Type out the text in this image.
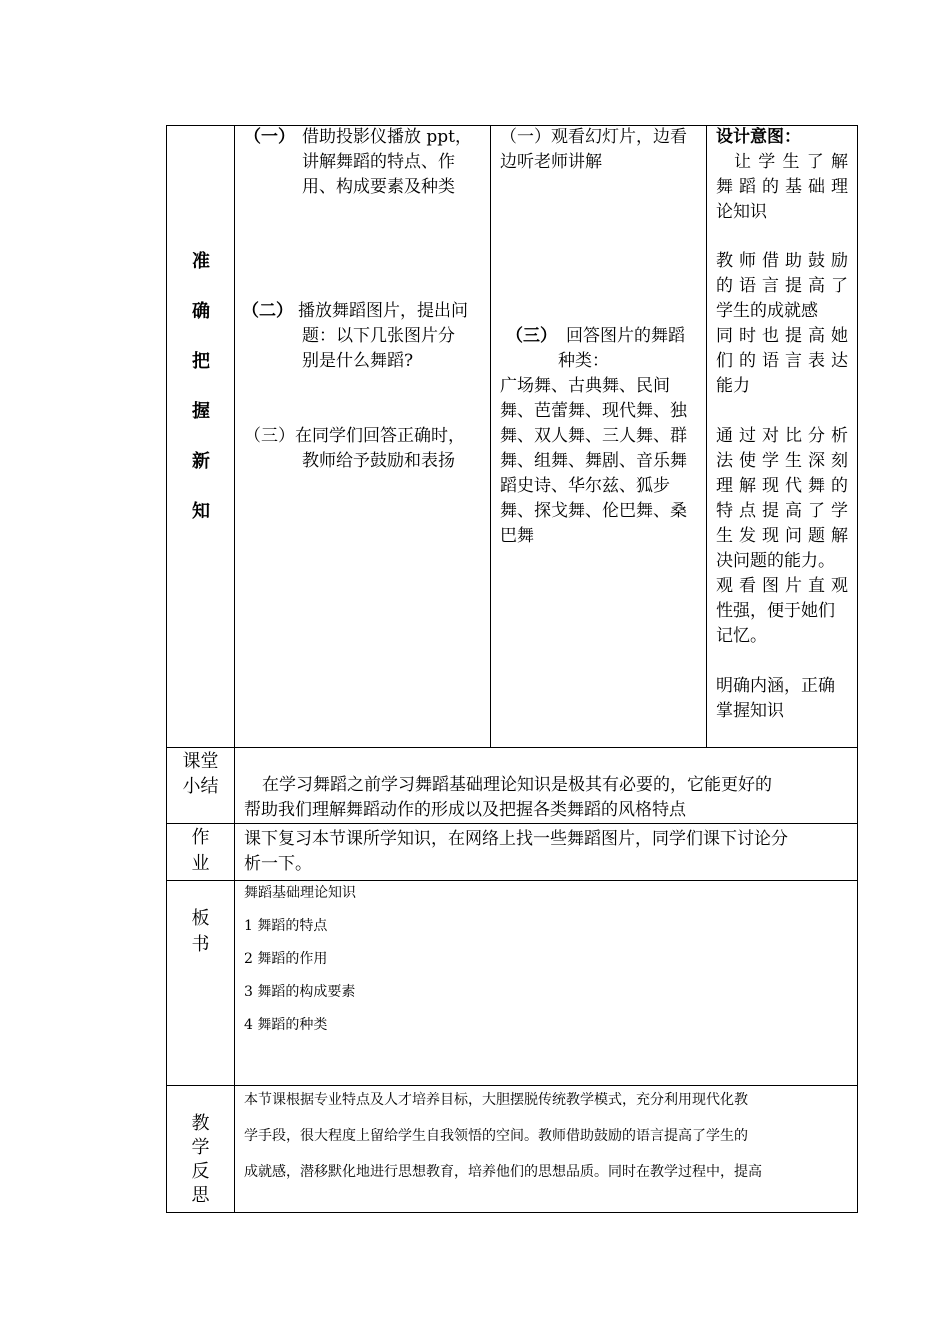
准
确
把
握
新
知
（一） 借助投影仪播放 ppt，
讲解舞蹈的特点、作
用、构成要素及种类
（二） 播放舞蹈图片，提出问
题：以下几张图片分
别是什么舞蹈?
（三） 在同学们回答正确时，
教师给予鼓励和表扬
（一）观看幻灯片，边看
边听老师讲解
（三） 回答图片的舞蹈
种类：
广场舞、古典舞、民间
舞、芭蕾舞、现代舞、独
舞、双人舞、三人舞、群
舞、组舞、舞剧、音乐舞
蹈史诗、华尔兹、狐步
舞、探戈舞、伦巴舞、桑
巴舞
设计意图：
让学生了解
舞蹈的基础理
论知识
教师借助鼓励
的语言提高了
学生的成就感
同时也提高她
们的语言表达
能力
通过对比分析
法使学生深刻
理解现代舞的
特点提高了学
生发现问题解
决问题的能力。
观看图片直观
性强，便于她们
记忆。
明确内涵，正确
掌握知识
课堂
小结	在学习舞蹈之前学习舞蹈基础理论知识是极其有必要的，它能更好的
帮助我们理解舞蹈动作的形成以及把握各类舞蹈的风格特点
作
业
课下复习本节课所学知识，在网络上找一些舞蹈图片，同学们课下讨论分
析一下。
板
书
舞蹈基础理论知识
1 舞蹈的特点
2 舞蹈的作用
3 舞蹈的构成要素
4 舞蹈的种类
教
学
反
思
本节课根据专业特点及人才培养目标，大胆摆脱传统教学模式，充分利用现代化教
学手段，很大程度上留给学生自我领悟的空间。教师借助鼓励的语言提高了学生的
成就感，潜移默化地进行思想教育，培养他们的思想品质。同时在教学过程中，提高
